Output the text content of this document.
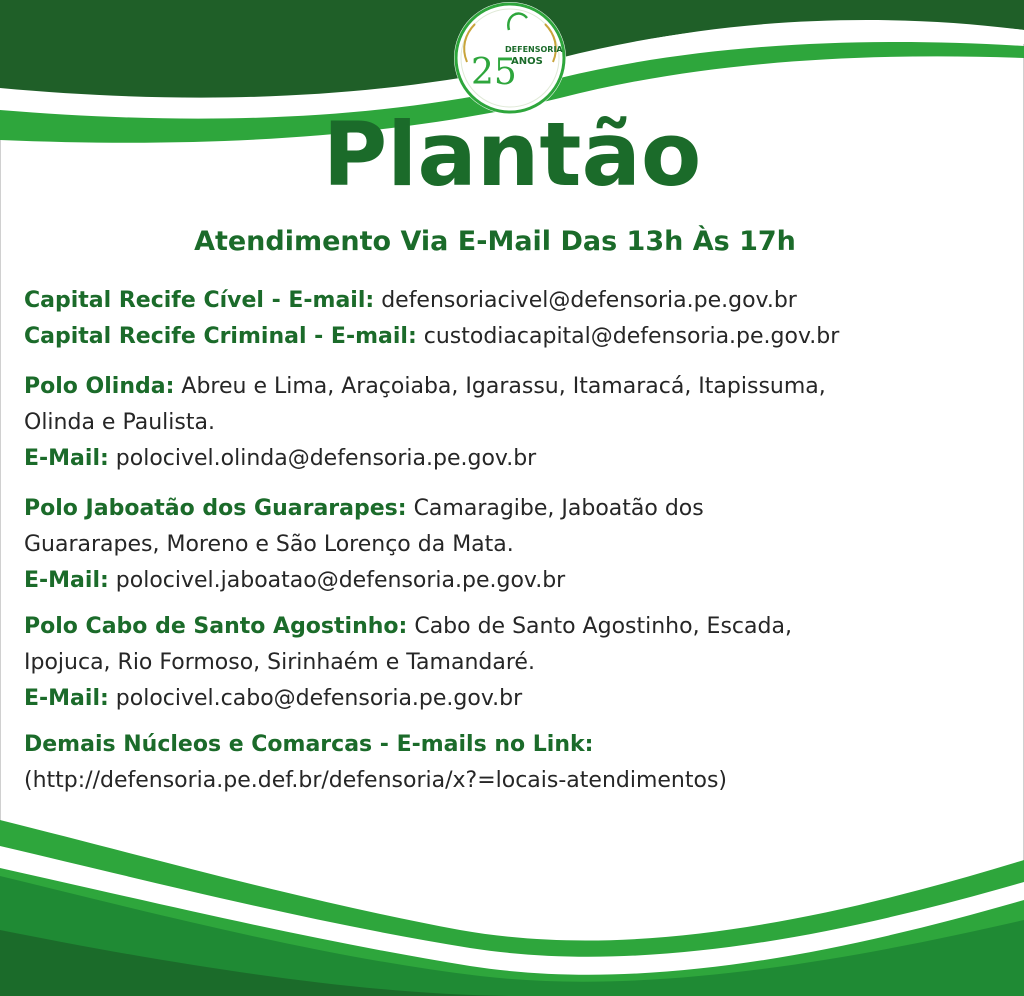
25
DEFENSORIA
ANOS
Plantão
Atendimento Via E-Mail Das 13h Às 17h

Capital Recife Cível - E-mail: defensoriacivel@defensoria.pe.gov.br

Capital Recife Criminal - E-mail: custodiacapital@defensoria.pe.gov.br

Polo Olinda: Abreu e Lima, Araçoiaba, Igarassu, Itamaracá, Itapissuma,

Olinda e Paulista.

E-Mail: polocivel.olinda@defensoria.pe.gov.br

Polo Jaboatão dos Guararapes: Camaragibe, Jaboatão dos

Guararapes, Moreno e São Lorenço da Mata.

E-Mail: polocivel.jaboatao@defensoria.pe.gov.br

Polo Cabo de Santo Agostinho: Cabo de Santo Agostinho, Escada,

Ipojuca, Rio Formoso, Sirinhaém e Tamandaré.

E-Mail: polocivel.cabo@defensoria.pe.gov.br

Demais Núcleos e Comarcas - E-mails no Link:

(http://defensoria.pe.def.br/defensoria/x?=locais-atendimentos)
